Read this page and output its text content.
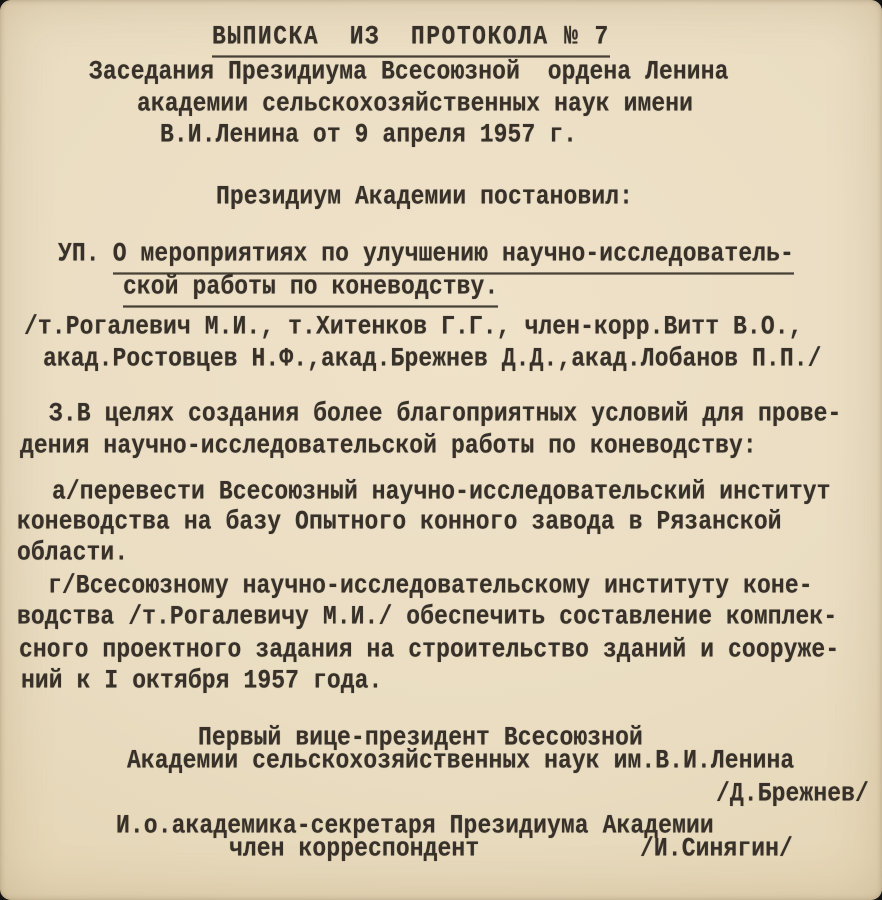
ВЫПИСКА  ИЗ  ПРОТОКОЛА № 7
Заседания Президиума Всесоюзной  ордена Ленина
академии сельскохозяйственных наук имени
В.И.Ленина от 9 апреля 1957 г.
Президиум Академии постановил:
УП. О мероприятиях по улучшению научно-исследователь-
ской работы по коневодству.
/т.Рогалевич М.И., т.Хитенков Г.Г., член-корр.Витт В.О.,
акад.Ростовцев Н.Ф.,акад.Брежнев Д.Д.,акад.Лобанов П.П./
З.В целях создания более благоприятных условий для прове-
дения научно-исследовательской работы по коневодству:
а/перевести Всесоюзный научно-исследовательский институт
коневодства на базу Опытного конного завода в Рязанской
области.
г/Всесоюзному научно-исследовательскому институту коне-
водства /т.Рогалевичу М.И./ обеспечить составление комплек-
сного проектного задания на строительство зданий и сооруже-
ний к I октября 1957 года.
Первый вице-президент Всесоюзной
Академии сельскохозяйственных наук им.В.И.Ленина
/Д.Брежнев/
И.о.академика-секретаря Президиума Академии
член корреспондент	/И.Синягин/
